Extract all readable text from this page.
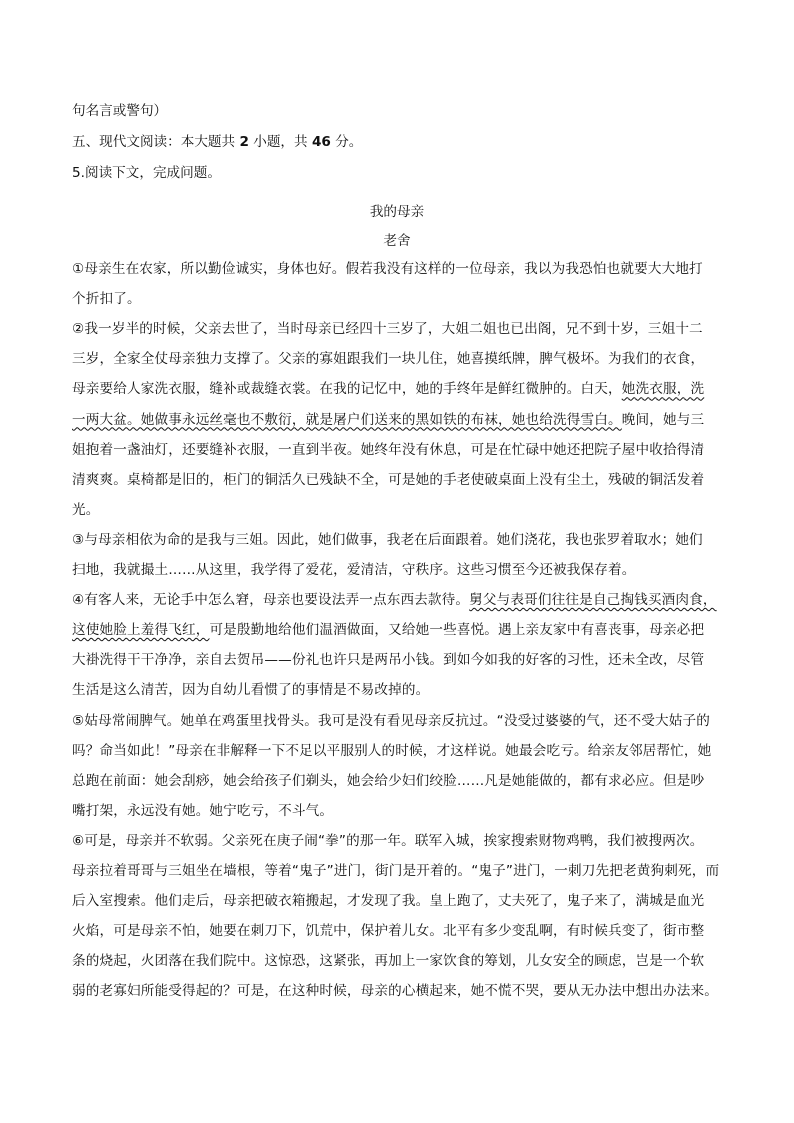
句名言或警句）
五、现代文阅读：本大题共 2 小题，共 46 分。
5.阅读下文，完成问题。
我的母亲
老舍
①母亲生在农家，所以勤俭诚实，身体也好。假若我没有这样的一位母亲，我以为我恐怕也就要大大地打
个折扣了。
②我一岁半的时候，父亲去世了，当时母亲已经四十三岁了，大姐二姐也已出阁，兄不到十岁，三姐十二
三岁，全家全仗母亲独力支撑了。父亲的寡姐跟我们一块儿住，她喜摸纸牌，脾气极坏。为我们的衣食，
母亲要给人家洗衣服，缝补或裁缝衣裳。在我的记忆中，她的手终年是鲜红微肿的。白天，她洗衣服，洗
一两大盆。她做事永远丝毫也不敷衍，就是屠户们送来的黑如铁的布袜，她也给洗得雪白。晚间，她与三
姐抱着一盏油灯，还要缝补衣服，一直到半夜。她终年没有休息，可是在忙碌中她还把院子屋中收拾得清
清爽爽。桌椅都是旧的，柜门的铜活久已残缺不全，可是她的手老使破桌面上没有尘土，残破的铜活发着
光。
③与母亲相依为命的是我与三姐。因此，她们做事，我老在后面跟着。她们浇花，我也张罗着取水；她们
扫地，我就撮土……从这里，我学得了爱花，爱清洁，守秩序。这些习惯至今还被我保存着。
④有客人来，无论手中怎么窘，母亲也要设法弄一点东西去款待。舅父与表哥们往往是自己掏钱买酒肉食，
这使她脸上羞得飞红，可是殷勤地给他们温酒做面，又给她一些喜悦。遇上亲友家中有喜丧事，母亲必把
大褂洗得干干净净，亲自去贺吊——份礼也许只是两吊小钱。到如今如我的好客的习性，还未全改，尽管
生活是这么清苦，因为自幼儿看惯了的事情是不易改掉的。
⑤姑母常闹脾气。她单在鸡蛋里找骨头。我可是没有看见母亲反抗过。“没受过婆婆的气，还不受大姑子的
吗？命当如此！”母亲在非解释一下不足以平服别人的时候，才这样说。她最会吃亏。给亲友邻居帮忙，她
总跑在前面：她会刮痧，她会给孩子们剃头，她会给少妇们绞脸……凡是她能做的，都有求必应。但是吵
嘴打架，永远没有她。她宁吃亏，不斗气。
⑥可是，母亲并不软弱。父亲死在庚子闹“拳”的那一年。联军入城，挨家搜索财物鸡鸭，我们被搜两次。
母亲拉着哥哥与三姐坐在墙根，等着“鬼子”进门，街门是开着的。“鬼子”进门，一刺刀先把老黄狗刺死，而
后入室搜索。他们走后，母亲把破衣箱搬起，才发现了我。皇上跑了，丈夫死了，鬼子来了，满城是血光
火焰，可是母亲不怕，她要在刺刀下，饥荒中，保护着儿女。北平有多少变乱啊，有时候兵变了，街市整
条的烧起，火团落在我们院中。这惊恐，这紧张，再加上一家饮食的筹划，儿女安全的顾虑，岂是一个软
弱的老寡妇所能受得起的？可是，在这种时候，母亲的心横起来，她不慌不哭，要从无办法中想出办法来。
